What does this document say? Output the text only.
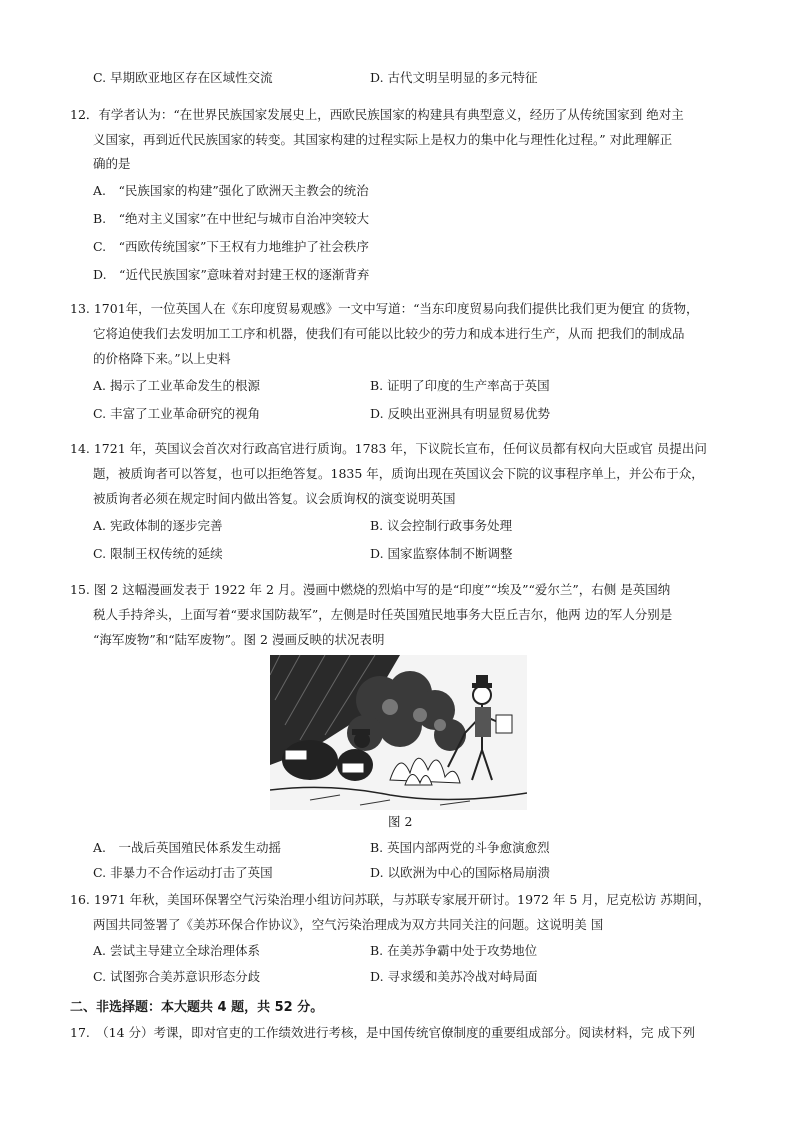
C. 早期欧亚地区存在区域性交流	D. 古代文明呈明显的多元特征
12．有学者认为：“在世界民族国家发展史上，西欧民族国家的构建具有典型意义，经历了从传统国家到 绝对主
义国家，再到近代民族国家的转变。其国家构建的过程实际上是权力的集中化与理性化过程。” 对此理解正
确的是
A.　“民族国家的构建”强化了欧洲天主教会的统治
B.　“绝对主义国家”在中世纪与城市自治冲突较大
C.　“西欧传统国家”下王权有力地维护了社会秩序
D.　“近代民族国家”意味着对封建王权的逐渐背弃
13. 1701年，一位英国人在《东印度贸易观感》一文中写道：“当东印度贸易向我们提供比我们更为便宜 的货物，
它将迫使我们去发明加工工序和机器，使我们有可能以比较少的劳力和成本进行生产，从而 把我们的制成品
的价格降下来。”以上史料
A. 揭示了工业革命发生的根源	B. 证明了印度的生产率高于英国
C. 丰富了工业革命研究的视角	D. 反映出亚洲具有明显贸易优势
14. 1721 年，英国议会首次对行政高官进行质询。1783 年，下议院长宣布，任何议员都有权向大臣或官 员提出问
题，被质询者可以答复，也可以拒绝答复。1835 年，质询出现在英国议会下院的议事程序单上，并公布于众，
被质询者必须在规定时间内做出答复。议会质询权的演变说明英国
A. 宪政体制的逐步完善	B. 议会控制行政事务处理
C. 限制王权传统的延续	D. 国家监察体制不断调整
15. 图 2 这幅漫画发表于 1922 年 2 月。漫画中燃烧的烈焰中写的是“印度”“埃及”“爱尔兰”，右侧 是英国纳
税人手持斧头，上面写着“要求国防裁军”，左侧是时任英国殖民地事务大臣丘吉尔，他两 边的军人分别是
“海军废物”和“陆军废物”。图 2 漫画反映的状况表明
图 2
A.　一战后英国殖民体系发生动摇	B. 英国内部两党的斗争愈演愈烈
C. 非暴力不合作运动打击了英国	D. 以欧洲为中心的国际格局崩溃
16. 1971 年秋，美国环保署空气污染治理小组访问苏联，与苏联专家展开研讨。1972 年 5 月，尼克松访 苏期间，
两国共同签署了《美苏环保合作协议》，空气污染治理成为双方共同关注的问题。这说明美 国
A. 尝试主导建立全球治理体系	B. 在美苏争霸中处于攻势地位
C. 试图弥合美苏意识形态分歧	D. 寻求缓和美苏冷战对峙局面
二、非选择题：本大题共 4 题，共 52 分。
17.　（14 分）考课，即对官吏的工作绩效进行考核，是中国传统官僚制度的重要组成部分。阅读材料，完 成下列
